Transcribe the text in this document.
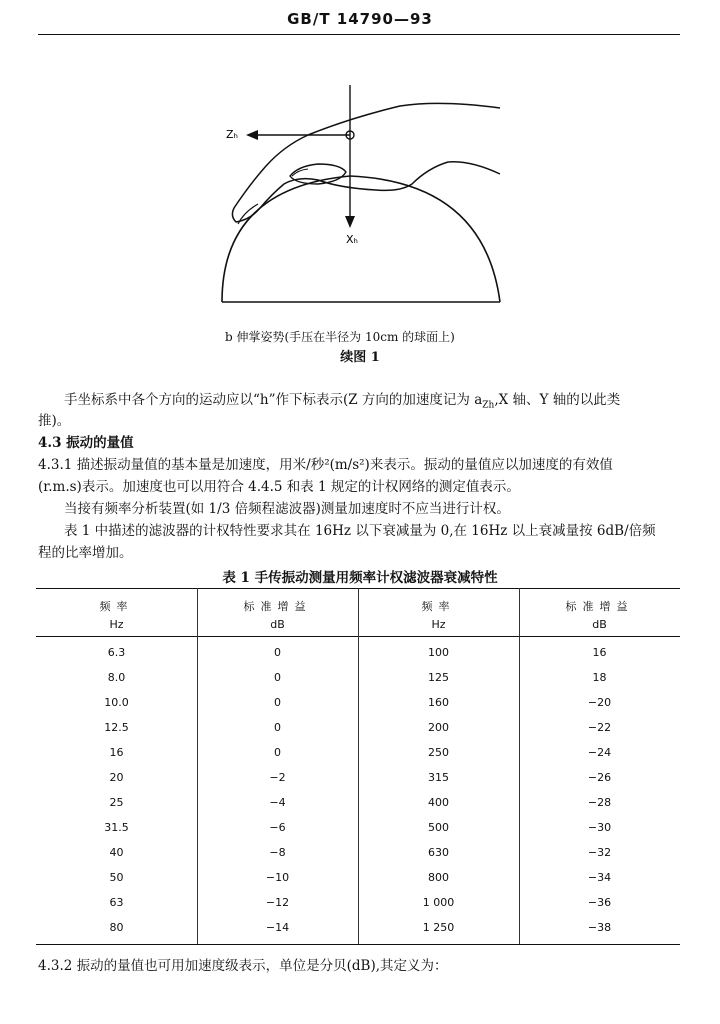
GB/T 14790—93
Zₕ
Xₕ
b 伸掌姿势(手压在半径为 10cm 的球面上)
续图 1
手坐标系中各个方向的运动应以“h”作下标表示(Z 方向的加速度记为 $a_{Zh},X$ 轴、Y 轴的以此类
推)。
4.3 振动的量值
4.3.1 描述振动量值的基本量是加速度，用米/秒²(m/s²)来表示。振动的量值应以加速度的有效值
(r.m.s)表示。加速度也可以用符合 4.4.5 和表 1 规定的计权网络的测定值表示。
当接有频率分析装置(如 1/3 倍频程滤波器)测量加速度时不应当进行计权。
表 1 中描述的滤波器的计权特性要求其在 16Hz 以下衰减量为 0,在 16Hz 以上衰减量按 6dB/倍频
程的比率增加。
表 1 手传振动测量用频率计权滤波器衰减特性
频率	标准增益	频率	标准增益
Hz	dB	Hz	dB
6.3	0	100	16
8.0	0	125	18
10.0	0	160	−20
12.5	0	200	−22
16	0	250	−24
20	−2	315	−26
25	−4	400	−28
31.5	−6	500	−30
40	−8	630	−32
50	−10	800	−34
63	−12	1 000	−36
80	−14	1 250	−38
4.3.2 振动的量值也可用加速度级表示，单位是分贝(dB),其定义为：
